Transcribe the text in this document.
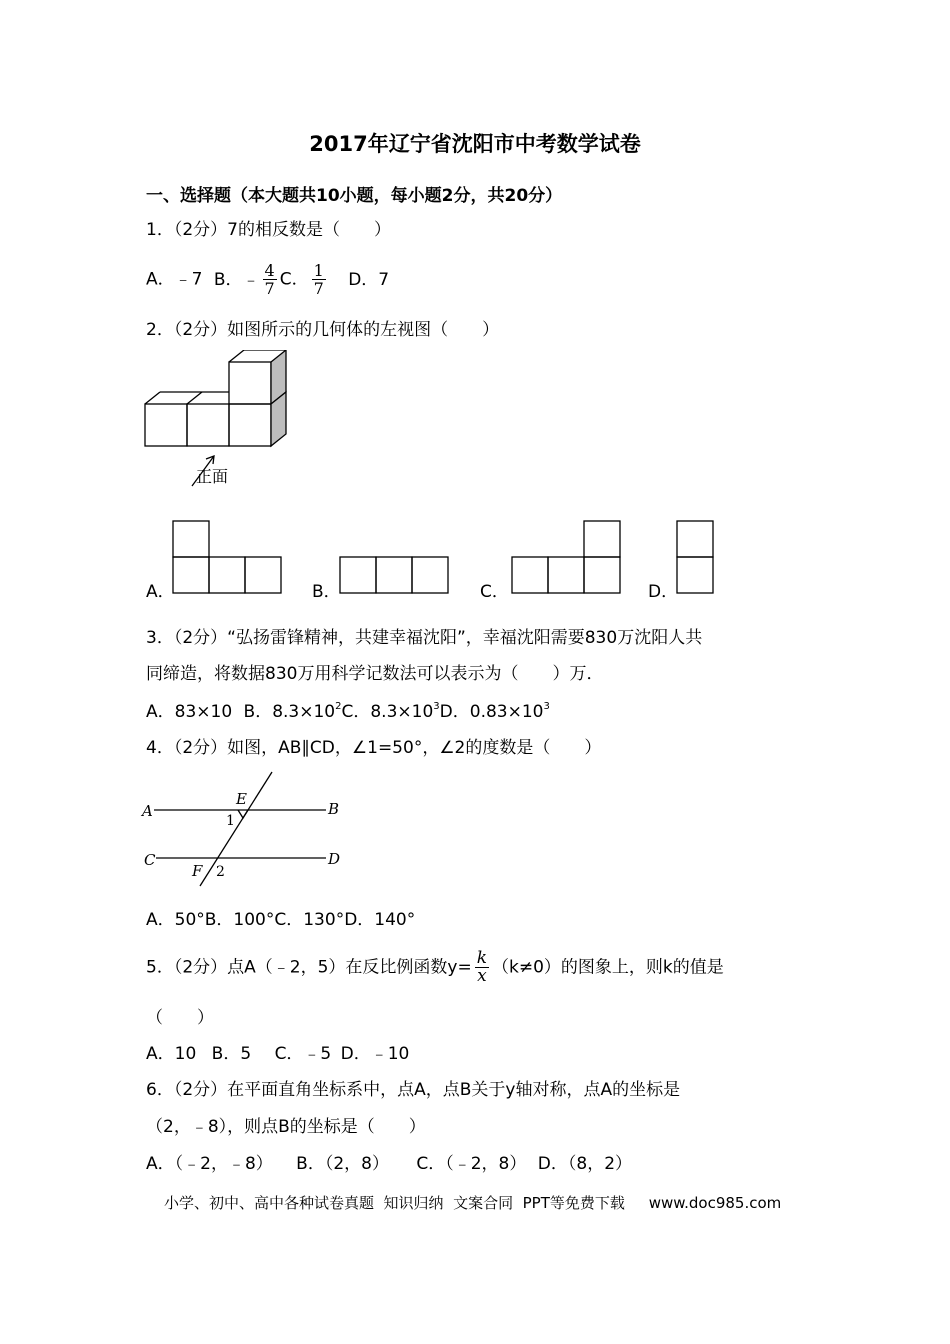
2017年辽宁省沈阳市中考数学试卷
一、选择题（本大题共10小题，每小题2分，共20分）
1．（2分）7的相反数是（　　）
A．﹣7 B．﹣ $\frac{4}{7}$ C． $\frac{1}{7}$ D．7
2．（2分）如图所示的几何体的左视图（　　）
正面
A．	B．	C．	D．
3．（2分）“弘扬雷锋精神，共建幸福沈阳”，幸福沈阳需要830万沈阳人共
同缔造，将数据830万用科学记数法可以表示为（　　）万．
A．83×10 B．$8.3\times 10^2C$．$8.3\times 10^3D$．$0.83\times 10^3$
4．（2分）如图，AB∥CD，∠1=50°，∠2的度数是（　　）
A	B
C	D
E
F
1
2
A．50°B．100°C．130°D．140°
5．（2分）点A（﹣2，5）在反比例函数$y= \frac{k}{x} (k\ne 0)$的图象上，则k的值是
（　　）
A．10 B．5 C．﹣5 D．﹣10
6．（2分）在平面直角坐标系中，点A，点B关于y轴对称，点A的坐标是
（2，﹣8），则点B的坐标是（　　）
A．（﹣2，﹣8） B．（2，8） C．（﹣2，8） D．（8，2）
小学、初中、高中各种试卷真题  知识归纳  文案合同  PPT等免费下载     www.doc985.com
